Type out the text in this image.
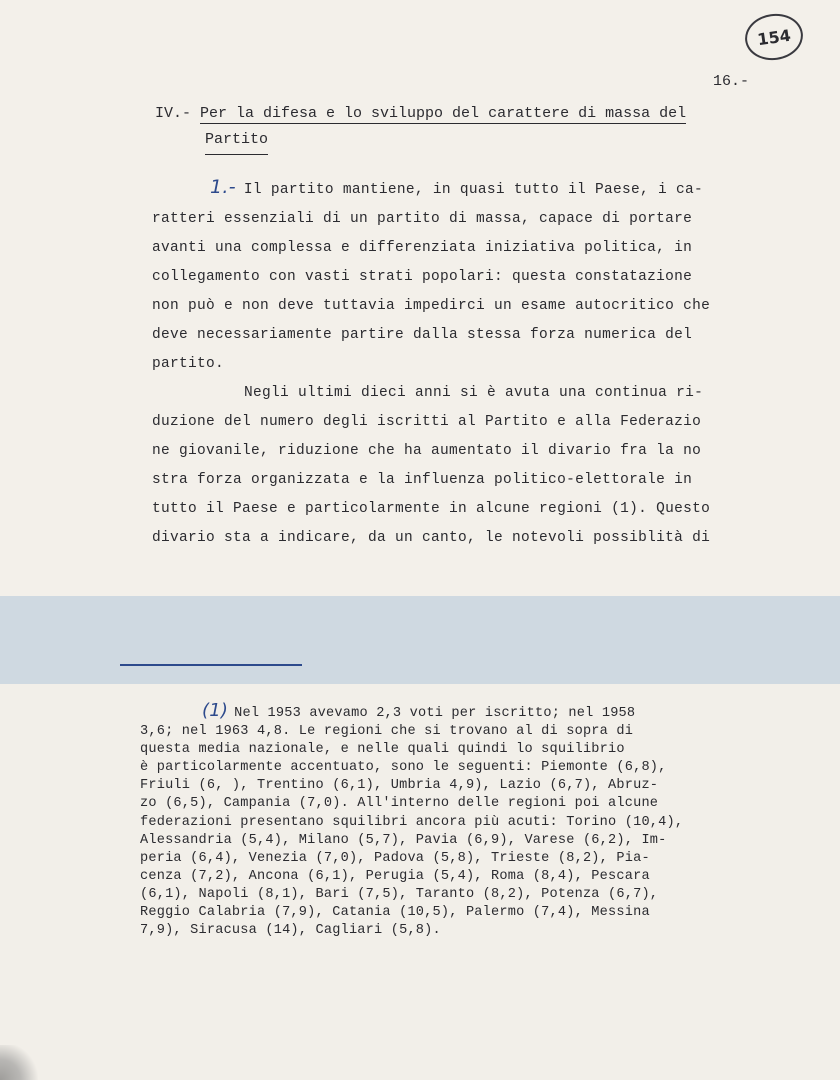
154
16.-
IV.- Per la difesa e lo sviluppo del carattere di massa del
Partito
1.- Il partito mantiene, in quasi tutto il Paese, i ca-
ratteri essenziali di un partito di massa, capace di portare
avanti una complessa e differenziata iniziativa politica, in
collegamento con vasti strati popolari: questa constatazione
non può e non deve tuttavia impedirci un esame autocritico che
deve necessariamente partire dalla stessa forza numerica del
partito.
Negli ultimi dieci anni si è avuta una continua ri-
duzione del numero degli iscritti al Partito e alla Federazio
ne giovanile, riduzione che ha aumentato il divario fra la no
stra forza organizzata e la influenza politico-elettorale in
tutto il Paese e particolarmente in alcune regioni (1). Questo
divario sta a indicare, da un canto, le notevoli possiblità di
(1) Nel 1953 avevamo 2,3 voti per iscritto; nel 1958
3,6; nel 1963 4,8. Le regioni che si trovano al di sopra di
questa media nazionale, e nelle quali quindi lo squilibrio
è particolarmente accentuato, sono le seguenti: Piemonte (6,8),
Friuli (6, ), Trentino (6,1), Umbria 4,9), Lazio (6,7), Abruz-
zo (6,5), Campania (7,0). All'interno delle regioni poi alcune
federazioni presentano squilibri ancora più acuti: Torino (10,4),
Alessandria (5,4), Milano (5,7), Pavia (6,9), Varese (6,2), Im-
peria (6,4), Venezia (7,0), Padova (5,8), Trieste (8,2), Pia-
cenza (7,2), Ancona (6,1), Perugia (5,4), Roma (8,4), Pescara
(6,1), Napoli (8,1), Bari (7,5), Taranto (8,2), Potenza (6,7),
Reggio Calabria (7,9), Catania (10,5), Palermo (7,4), Messina
7,9), Siracusa (14), Cagliari (5,8).
